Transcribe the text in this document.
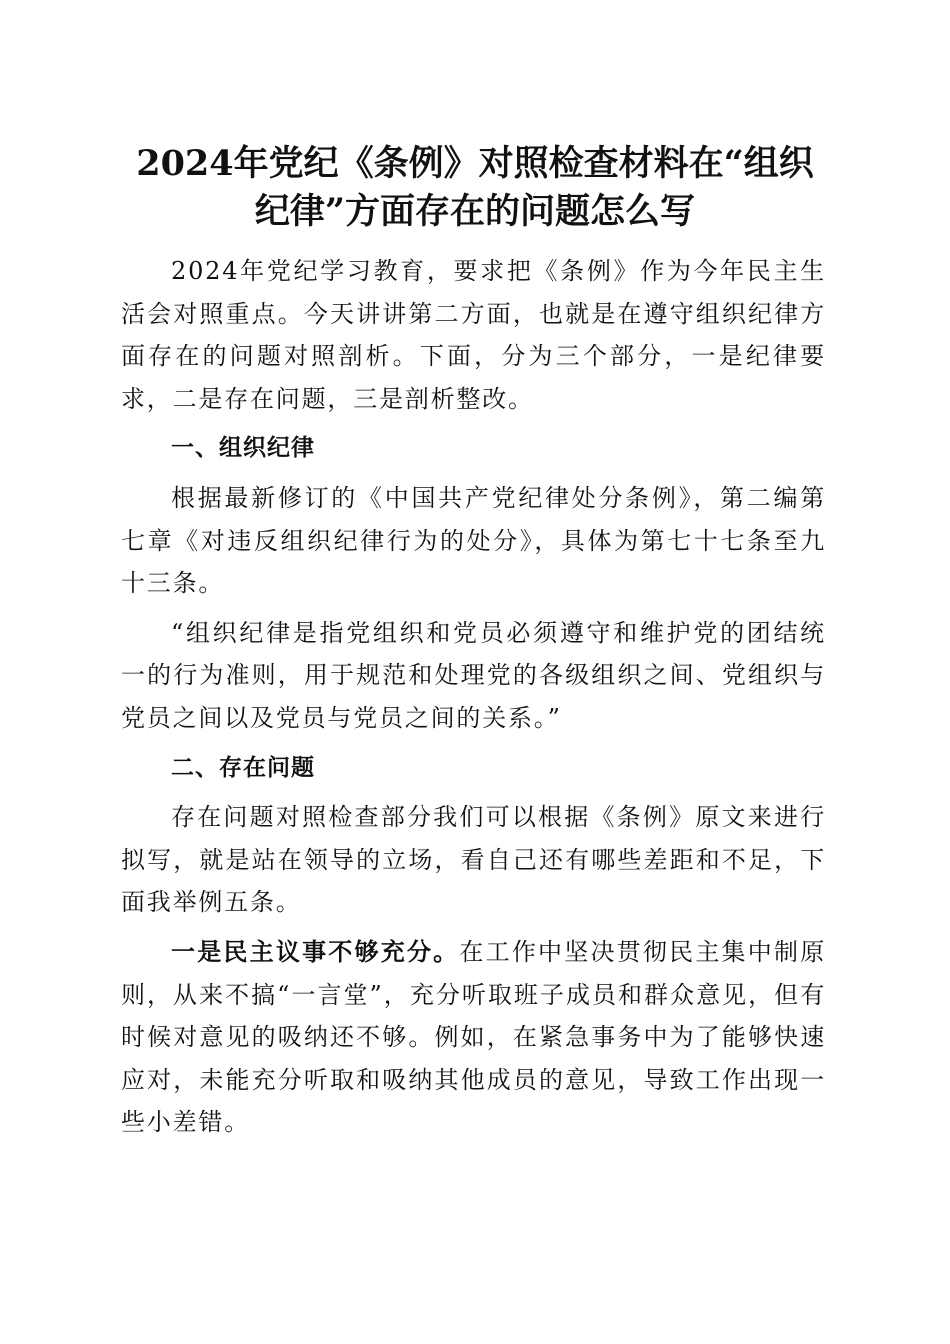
2024年党纪《条例》对照检查材料在“组织
纪律”方面存在的问题怎么写

2024年党纪学习教育，要求把《条例》作为今年民主生活会对照重点。今天讲讲第二方面，也就是在遵守组织纪律方面存在的问题对照剖析。下面，分为三个部分，一是纪律要求，二是存在问题，三是剖析整改。

一、组织纪律

根据最新修订的《中国共产党纪律处分条例》，第二编第七章《对违反组织纪律行为的处分》，具体为第七十七条至九十三条。

“组织纪律是指党组织和党员必须遵守和维护党的团结统一的行为准则，用于规范和处理党的各级组织之间、党组织与党员之间以及党员与党员之间的关系。”

二、存在问题

存在问题对照检查部分我们可以根据《条例》原文来进行拟写，就是站在领导的立场，看自己还有哪些差距和不足，下面我举例五条。

一是民主议事不够充分。在工作中坚决贯彻民主集中制原则，从来不搞“一言堂”，充分听取班子成员和群众意见，但有时候对意见的吸纳还不够。例如，在紧急事务中为了能够快速应对，未能充分听取和吸纳其他成员的意见，导致工作出现一些小差错。
